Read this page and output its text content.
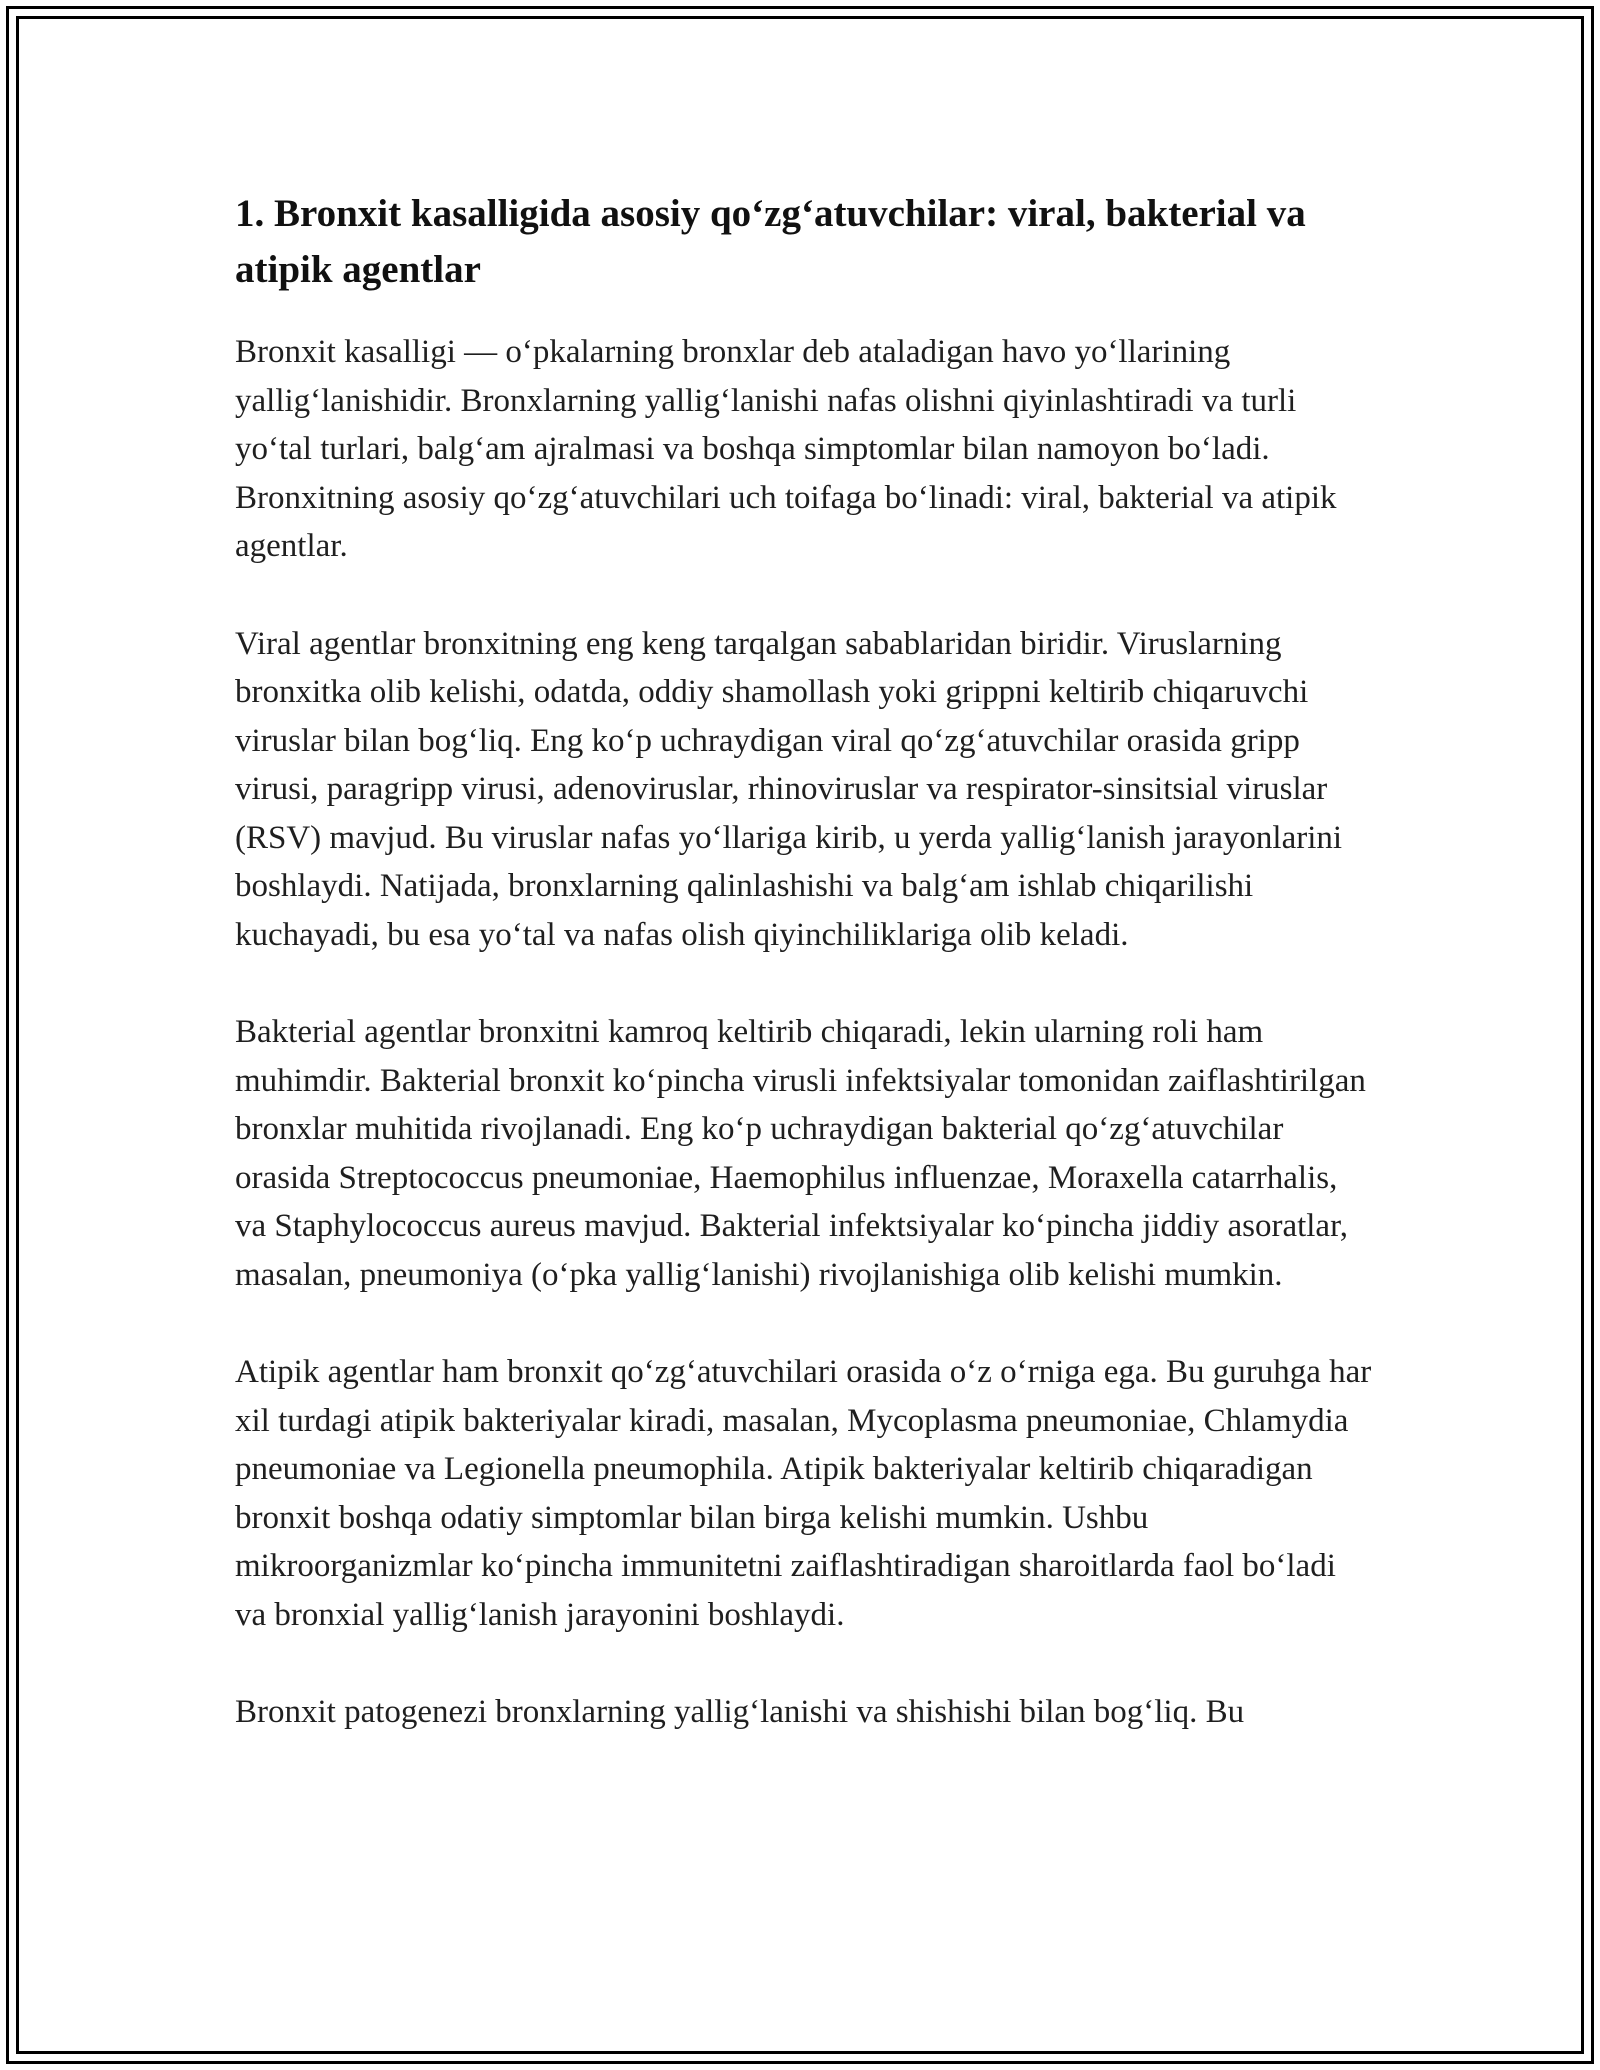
1. Bronxit kasalligida asosiy qo‘zg‘atuvchilar: viral, bakterial va atipik agentlar

Bronxit kasalligi — o‘pkalarning bronxlar deb ataladigan havo yo‘llarining yallig‘lanishidir. Bronxlarning yallig‘lanishi nafas olishni qiyinlashtiradi va turli yo‘tal turlari, balg‘am ajralmasi va boshqa simptomlar bilan namoyon bo‘ladi. Bronxitning asosiy qo‘zg‘atuvchilari uch toifaga bo‘linadi: viral, bakterial va atipik agentlar.

Viral agentlar bronxitning eng keng tarqalgan sabablaridan biridir. Viruslarning bronxitka olib kelishi, odatda, oddiy shamollash yoki grippni keltirib chiqaruvchi viruslar bilan bog‘liq. Eng ko‘p uchraydigan viral qo‘zg‘atuvchilar orasida gripp virusi, paragripp virusi, adenoviruslar, rhinoviruslar va respirator-sinsitsial viruslar (RSV) mavjud. Bu viruslar nafas yo‘llariga kirib, u yerda yallig‘lanish jarayonlarini boshlaydi. Natijada, bronxlarning qalinlashishi va balg‘am ishlab chiqarilishi kuchayadi, bu esa yo‘tal va nafas olish qiyinchiliklariga olib keladi.

Bakterial agentlar bronxitni kamroq keltirib chiqaradi, lekin ularning roli ham muhimdir. Bakterial bronxit ko‘pincha virusli infektsiyalar tomonidan zaiflashtirilgan bronxlar muhitida rivojlanadi. Eng ko‘p uchraydigan bakterial qo‘zg‘atuvchilar orasida Streptococcus pneumoniae, Haemophilus influenzae, Moraxella catarrhalis, va Staphylococcus aureus mavjud. Bakterial infektsiyalar ko‘pincha jiddiy asoratlar, masalan, pneumoniya (o‘pka yallig‘lanishi) rivojlanishiga olib kelishi mumkin.

Atipik agentlar ham bronxit qo‘zg‘atuvchilari orasida o‘z o‘rniga ega. Bu guruhga har xil turdagi atipik bakteriyalar kiradi, masalan, Mycoplasma pneumoniae, Chlamydia pneumoniae va Legionella pneumophila. Atipik bakteriyalar keltirib chiqaradigan bronxit boshqa odatiy simptomlar bilan birga kelishi mumkin. Ushbu mikroorganizmlar ko‘pincha immunitetni zaiflashtiradigan sharoitlarda faol bo‘ladi va bronxial yallig‘lanish jarayonini boshlaydi.

Bronxit patogenezi bronxlarning yallig‘lanishi va shishishi bilan bog‘liq. Bu
